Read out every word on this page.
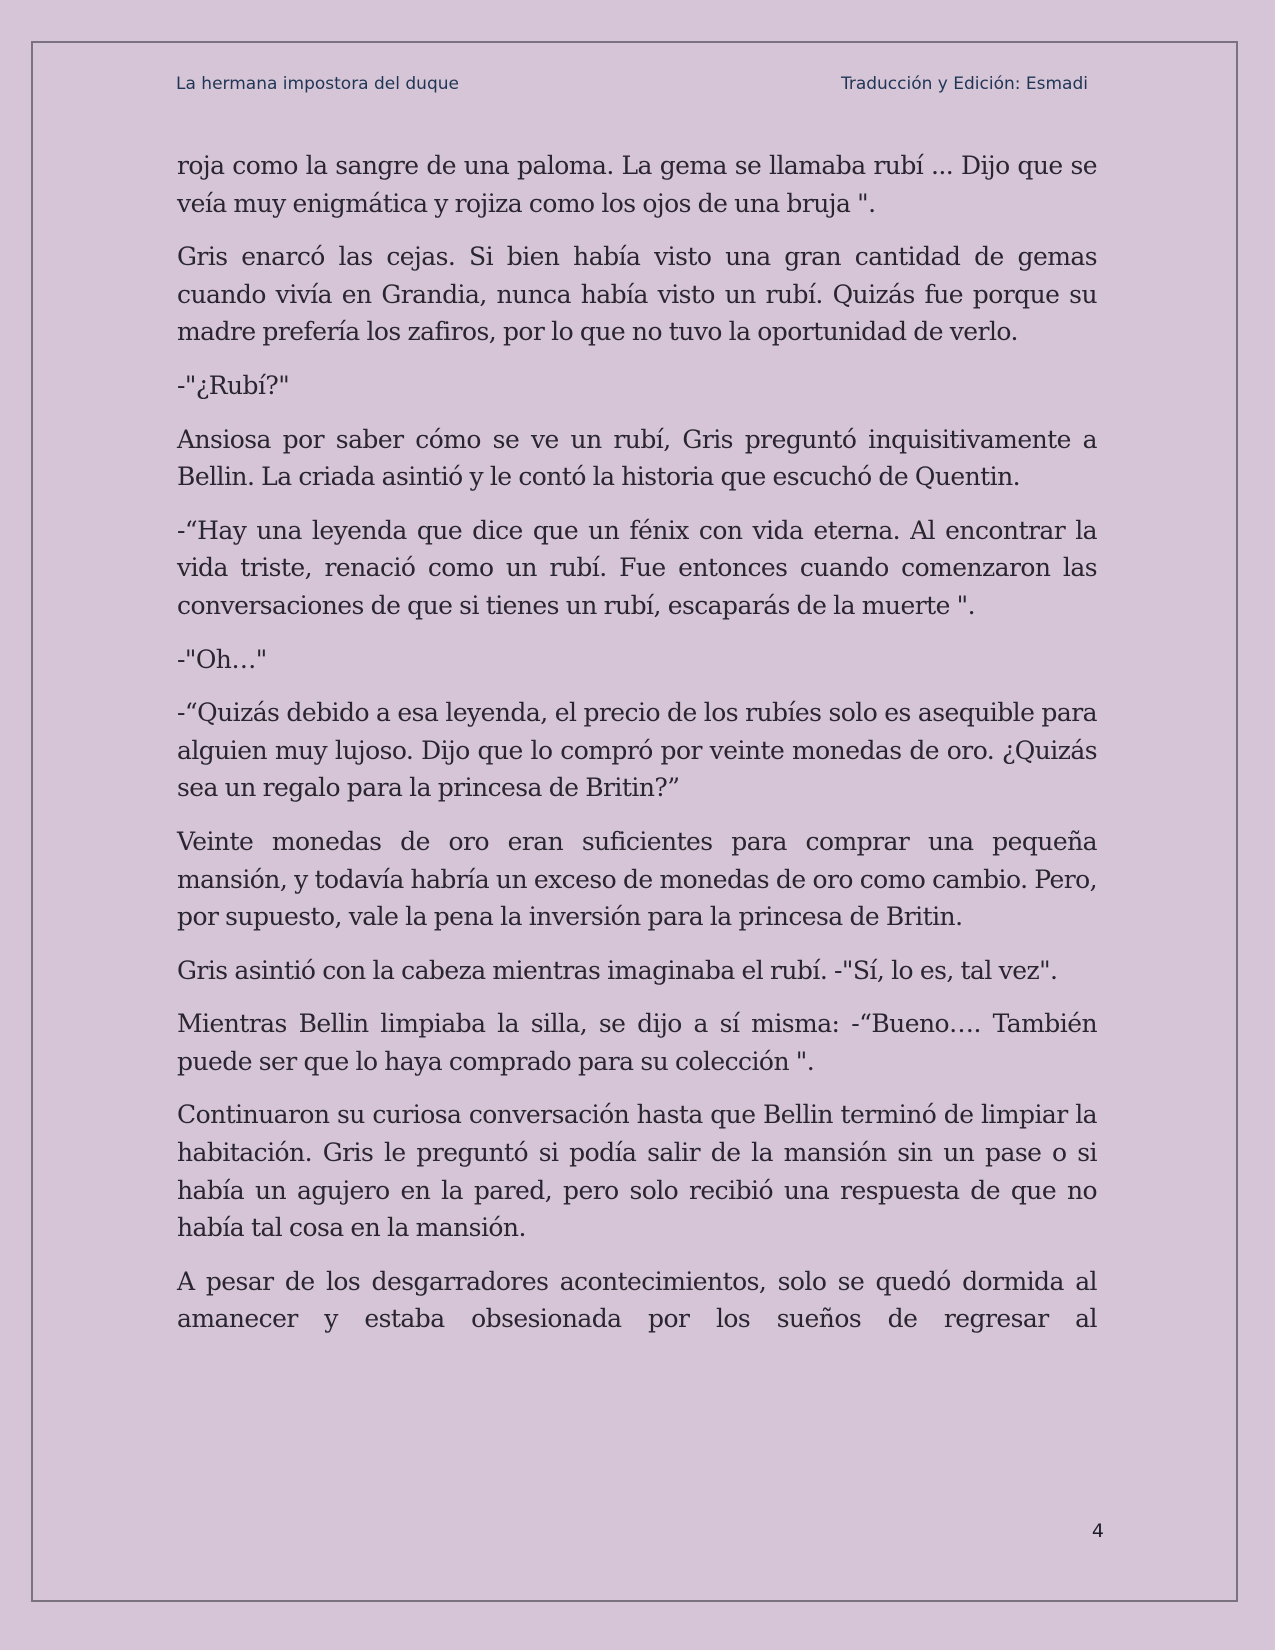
La hermana impostora del duque	Traducción y Edición: Esmadi

roja como la sangre de una paloma. La gema se llamaba rubí ... Dijo que se veía muy enigmática y rojiza como los ojos de una bruja ".

Gris enarcó las cejas. Si bien había visto una gran cantidad de gemas cuando vivía en Grandia, nunca había visto un rubí. Quizás fue porque su madre prefería los zafiros, por lo que no tuvo la oportunidad de verlo.

-"¿Rubí?"

Ansiosa por saber cómo se ve un rubí, Gris preguntó inquisitivamente a Bellin. La criada asintió y le contó la historia que escuchó de Quentin.

-“Hay una leyenda que dice que un fénix con vida eterna. Al encontrar la vida triste, renació como un rubí. Fue entonces cuando comenzaron las conversaciones de que si tienes un rubí, escaparás de la muerte ".

-"Oh…"

-“Quizás debido a esa leyenda, el precio de los rubíes solo es asequible para alguien muy lujoso. Dijo que lo compró por veinte monedas de oro. ¿Quizás sea un regalo para la princesa de Britin?”

Veinte monedas de oro eran suficientes para comprar una pequeña mansión, y todavía habría un exceso de monedas de oro como cambio. Pero, por supuesto, vale la pena la inversión para la princesa de Britin.

Gris asintió con la cabeza mientras imaginaba el rubí. -"Sí, lo es, tal vez".

Mientras Bellin limpiaba la silla, se dijo a sí misma: -“Bueno…. También puede ser que lo haya comprado para su colección ".

Continuaron su curiosa conversación hasta que Bellin terminó de limpiar la habitación. Gris le preguntó si podía salir de la mansión sin un pase o si había un agujero en la pared, pero solo recibió una respuesta de que no había tal cosa en la mansión.

A pesar de los desgarradores acontecimientos, solo se quedó dormida al amanecer y estaba obsesionada por los sueños de regresar al

4
